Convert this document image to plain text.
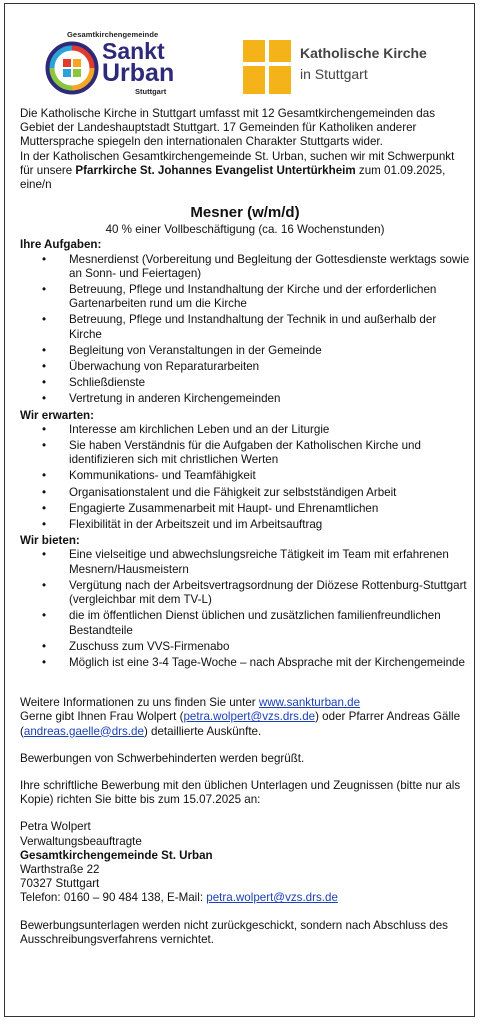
Gesamtkirchengemeinde
Sankt
Urban
Stuttgart
Katholische Kirche
in Stuttgart

Die Katholische Kirche in Stuttgart umfasst mit 12 Gesamtkirchengemeinden das Gebiet der Landeshauptstadt Stuttgart. 17 Gemeinden für Katholiken anderer Muttersprache spiegeln den internationalen Charakter Stuttgarts wider.

In der Katholischen Gesamtkirchengemeinde St. Urban, suchen wir mit Schwerpunkt für unsere Pfarrkirche St. Johannes Evangelist Untertürkheim zum 01.09.2025, eine/n

Mesner (w/m/d)

40 % einer Vollbeschäftigung (ca. 16 Wochenstunden)

Ihre Aufgaben:

• Mesnerdienst (Vorbereitung und Begleitung der Gottesdienste werktags sowie an Sonn- und Feiertagen)
• Betreuung, Pflege und Instandhaltung der Kirche und der erforderlichen Gartenarbeiten rund um die Kirche
• Betreuung, Pflege und Instandhaltung der Technik in und außerhalb der Kirche
• Begleitung von Veranstaltungen in der Gemeinde
• Überwachung von Reparaturarbeiten
• Schließdienste
• Vertretung in anderen Kirchengemeinden

Wir erwarten:

• Interesse am kirchlichen Leben und an der Liturgie
• Sie haben Verständnis für die Aufgaben der Katholischen Kirche und identifizieren sich mit christlichen Werten
• Kommunikations- und Teamfähigkeit
• Organisationstalent und die Fähigkeit zur selbstständigen Arbeit
• Engagierte Zusammenarbeit mit Haupt- und Ehrenamtlichen
• Flexibilität in der Arbeitszeit und im Arbeitsauftrag

Wir bieten:

• Eine vielseitige und abwechslungsreiche Tätigkeit im Team mit erfahrenen Mesnern/Hausmeistern
• Vergütung nach der Arbeitsvertragsordnung der Diözese Rottenburg-Stuttgart (vergleichbar mit dem TV-L)
• die im öffentlichen Dienst üblichen und zusätzlichen familienfreundlichen Bestandteile
• Zuschuss zum VVS-Firmenabo
• Möglich ist eine 3-4 Tage-Woche – nach Absprache mit der Kirchengemeinde

Weitere Informationen zu uns finden Sie unter www.sankturban.de

Gerne gibt Ihnen Frau Wolpert (petra.wolpert@vzs.drs.de) oder Pfarrer Andreas Gälle (andreas.gaelle@drs.de) detaillierte Auskünfte.

Bewerbungen von Schwerbehinderten werden begrüßt.

Ihre schriftliche Bewerbung mit den üblichen Unterlagen und Zeugnissen (bitte nur als Kopie) richten Sie bitte bis zum 15.07.2025 an:

Petra Wolpert

Verwaltungsbeauftragte

Gesamtkirchengemeinde St. Urban

Warthstraße 22

70327 Stuttgart

Telefon: 0160 – 90 484 138, E-Mail: petra.wolpert@vzs.drs.de

Bewerbungsunterlagen werden nicht zurückgeschickt, sondern nach Abschluss des Ausschreibungsverfahrens vernichtet.
